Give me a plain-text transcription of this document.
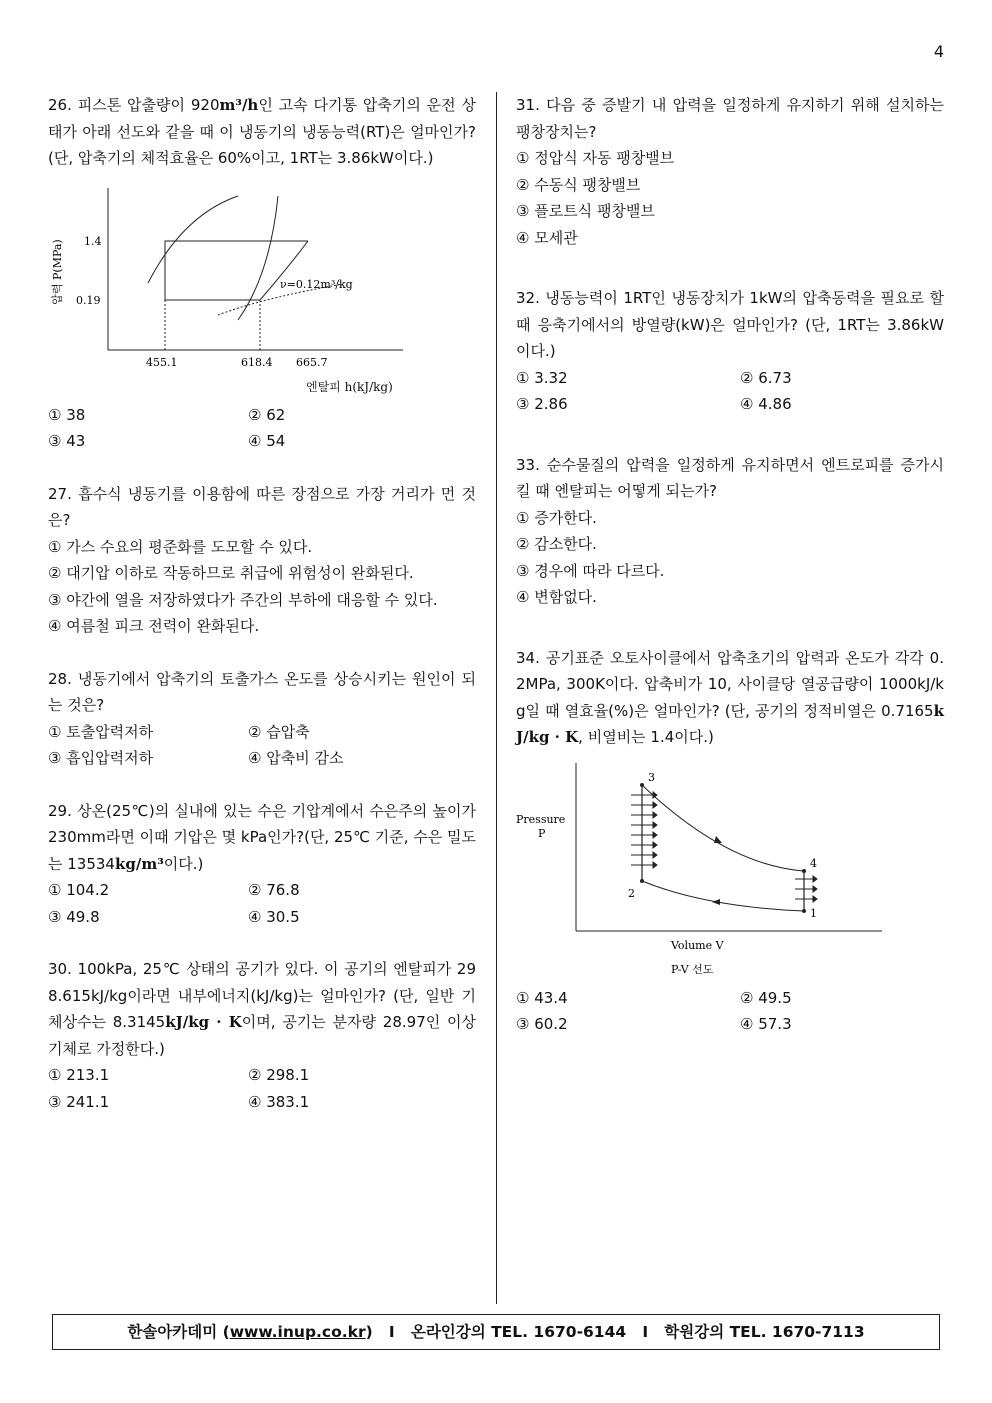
4
26. 피스톤 압출량이 920m³/h인 고속 다기통 압축기의 운전 상태가 아래 선도와 같을 때 이 냉동기의 냉동능력(RT)은 얼마인가?(단, 압축기의 체적효율은 60%이고, 1RT는 3.86kW이다.)
압력 P(MPa) 1.4
0.19
ν=0.12m³/kg
455.1	618.4 665.7
엔탈피 h(kJ/kg)
① 38	② 62
③ 43	④ 54
27. 흡수식 냉동기를 이용함에 따른 장점으로 가장 거리가 먼 것은?
① 가스 수요의 평준화를 도모할 수 있다.
② 대기압 이하로 작동하므로 취급에 위험성이 완화된다.
③ 야간에 열을 저장하였다가 주간의 부하에 대응할 수 있다.
④ 여름철 피크 전력이 완화된다.
28. 냉동기에서 압축기의 토출가스 온도를 상승시키는 원인이 되는 것은?
① 토출압력저하	② 습압축
③ 흡입압력저하	④ 압축비 감소
29. 상온(25℃)의 실내에 있는 수은 기압계에서 수은주의 높이가 230mm라면 이때 기압은 몇 kPa인가?(단, 25℃ 기준, 수은 밀도는 13534kg/m³이다.)
① 104.2	② 76.8
③ 49.8	④ 30.5
30. 100kPa, 25℃ 상태의 공기가 있다. 이 공기의 엔탈피가 298.615kJ/kg이라면 내부에너지(kJ/kg)는 얼마인가? (단, 일반 기체상수는 8.3145kJ/kg · K이며, 공기는 분자량 28.97인 이상기체로 가정한다.)
① 213.1	② 298.1
③ 241.1	④ 383.1
31. 다음 중 증발기 내 압력을 일정하게 유지하기 위해 설치하는 팽창장치는?
① 정압식 자동 팽창밸브
② 수동식 팽창밸브
③ 플로트식 팽창밸브
④ 모세관
32. 냉동능력이 1RT인 냉동장치가 1kW의 압축동력을 필요로 할 때 응축기에서의 방열량(kW)은 얼마인가? (단, 1RT는 3.86kW이다.)
① 3.32	② 6.73
③ 2.86	④ 4.86
33. 순수물질의 압력을 일정하게 유지하면서 엔트로피를 증가시킬 때 엔탈피는 어떻게 되는가?
① 증가한다.
② 감소한다.
③ 경우에 따라 다르다.
④ 변함없다.
34. 공기표준 오토사이클에서 압축초기의 압력과 온도가 각각 0.2MPa, 300K이다. 압축비가 10, 사이클당 열공급량이 1000kJ/kg일 때 열효율(%)은 얼마인가? (단, 공기의 정적비열은 0.7165kJ/kg · K, 비열비는 1.4이다.)
Pressure
P
Volume V
P-V 선도
3
4
2
1
① 43.4	② 49.5
③ 60.2	④ 57.3
한솔아카데미 (www.inup.co.kr)   I   온라인강의 TEL. 1670-6144   I   학원강의 TEL. 1670-7113
